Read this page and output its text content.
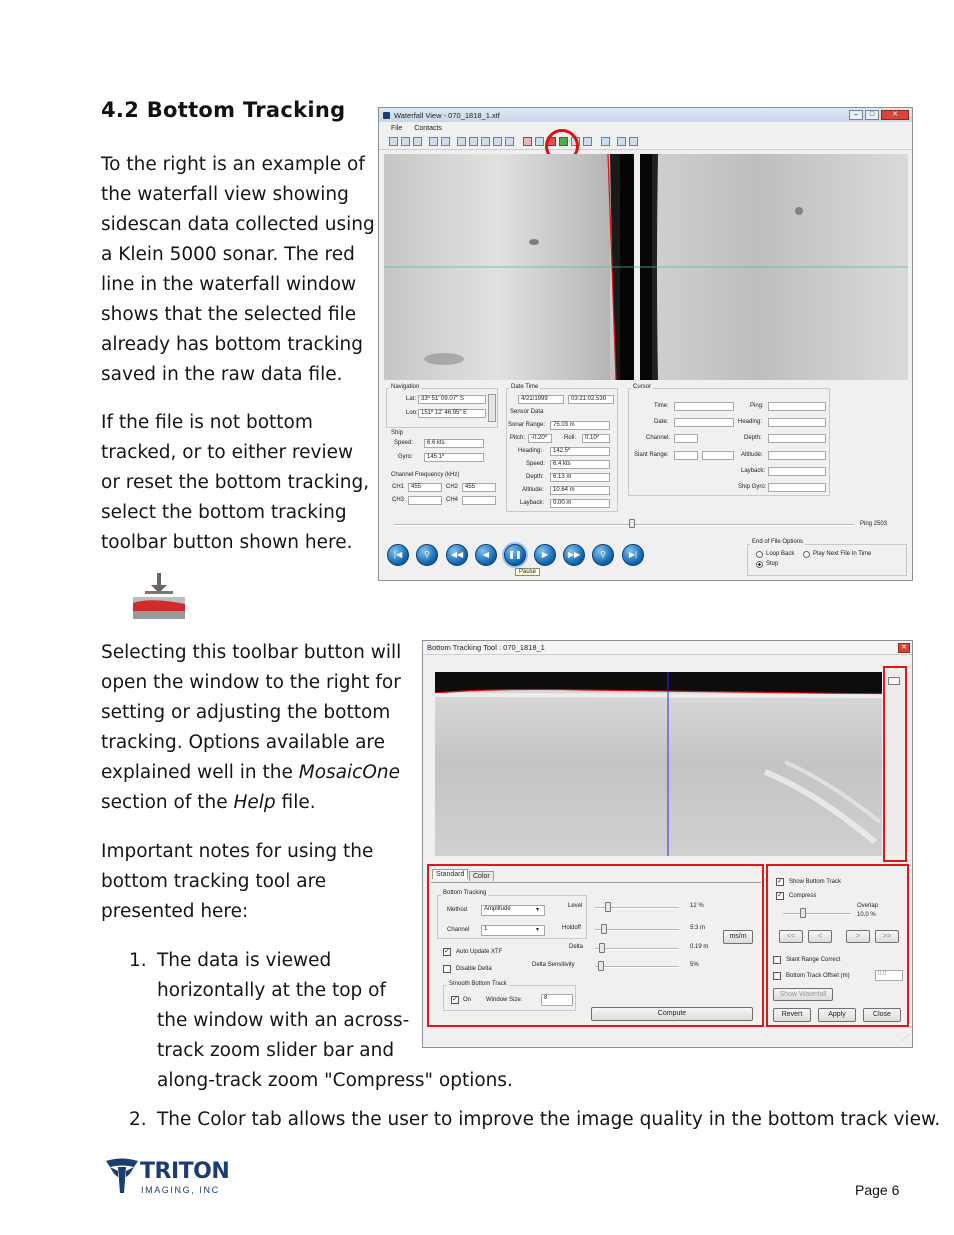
4.2 Bottom Tracking
To the right is an example of
the waterfall view showing
sidescan data collected using
a Klein 5000 sonar. The red
line in the waterfall window
shows that the selected file
already has bottom tracking
saved in the raw data file.
If the file is not bottom
tracked, or to either review
or reset the bottom tracking,
select the bottom tracking
toolbar button shown here.
Selecting this toolbar button will
open the window to the right for
setting or adjusting the bottom
tracking. Options available are
explained well in the MosaicOne
section of the Help file.
Important notes for using the
bottom tracking tool are
presented here:
1. The data is viewed
horizontally at the top of
the window with an across-
track zoom slider bar and
along-track zoom "Compress" options.
2. The Color tab allows the user to improve the image quality in the bottom track view.
TRITON
IMAGING, INC	Page 6
Waterfall View - 070_1818_1.xtf	–	□	✕
File Contacts
Navigation
Lat: 33º 51' 09.07" S
Lon: 151º 12' 46.95" E
Ship
Speed:	6.6 kts
Gyro:	145.1º
Channel Frequency (kHz)
CH1	455	CH2	455
CH3	CH4
Date Time
4/21/1999	03:21:02.530
Sensor Data
Sonar Range:	75.03 m
Pitch: -0.20º	Roll:	0.10º
Heading:	142.5º
Speed:	6.4 kts
Depth:	6.13 m
Altitude:	10.64 m
Layback:	0.00 m
Cursor
Time:
Date:
Channel:
Slant Range:
Ping:
Heading:
Depth:
Altitude:
Layback:
Ship Gyro:
Ping 2503
|◀	⚲	◀◀	◀	❚❚	▶	▶▶	⚲	▶|
Pause
End of File Options
Loop Back	Play Next File In Time
Stop
Bottom Tracking Tool : 070_1818_1	✕
Standard	Color
Bottom Tracking
Method	Amplitude	▾
Channel	1	▾
Level	12 %
Holdoff	5.3 m
Delta	0.19 m
Delta Sensitivity	5%
ms/m
✓ Auto Update XTF
Disable Delta
Smooth Bottom Track
✓ On Window Size:	8
Compute
✓ Show Bottom Track
✓ Compress
Overlap
10.0 %
<<	<	>	>>
Slant Range Correct
Bottom Track Offset (m)	0.0
Show Waterfall
Revert	Apply	Close
⋰
